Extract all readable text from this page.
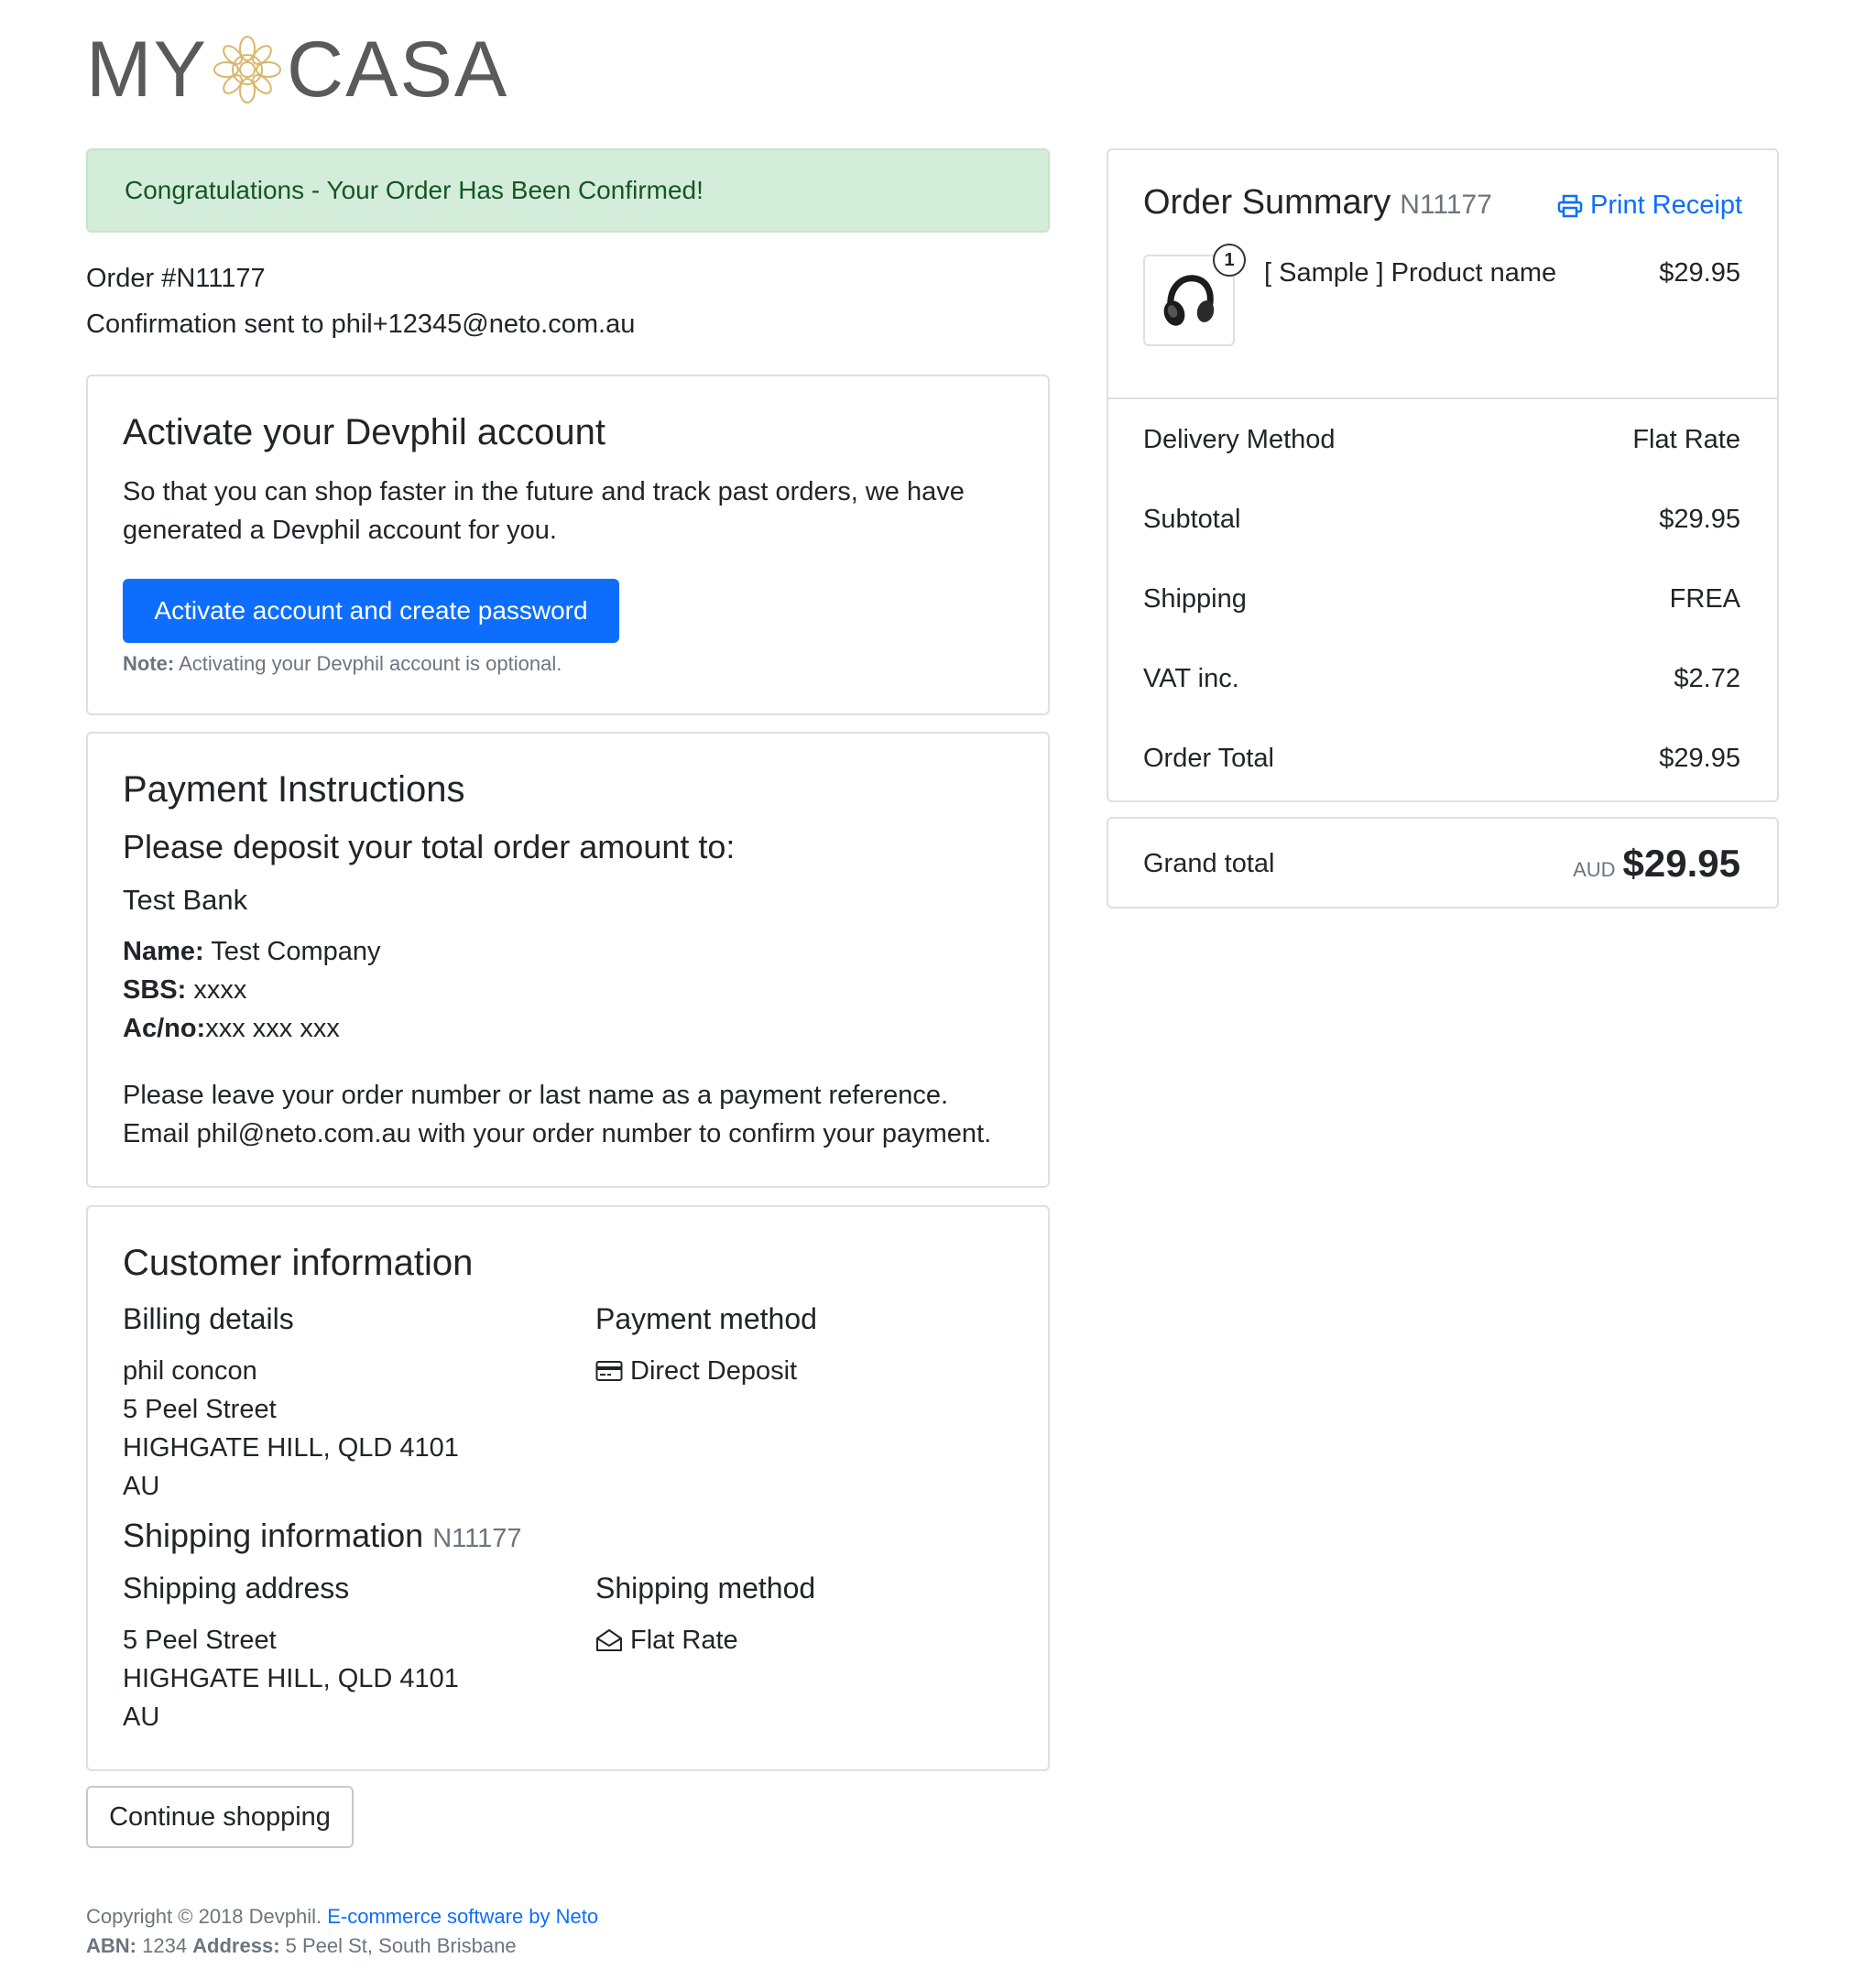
MY CASA
Congratulations - Your Order Has Been Confirmed!
Order #N11177
Confirmation sent to phil+12345@neto.com.au
Activate your Devphil account
So that you can shop faster in the future and track past orders, we have generated a Devphil account for you.
Activate account and create password
Note: Activating your Devphil account is optional.
Payment Instructions
Please deposit your total order amount to:
Test Bank
Name: Test Company
SBS: xxxx
Ac/no:xxx xxx xxx
Please leave your order number or last name as a payment reference.
Email phil@neto.com.au with your order number to confirm your payment.
Customer information
Billing details
phil concon
5 Peel Street
HIGHGATE HILL, QLD 4101
AU
Payment method
Direct Deposit
Shipping information N11177
Shipping address
5 Peel Street
HIGHGATE HILL, QLD 4101
AU
Shipping method
Flat Rate
Continue shopping
Copyright © 2018 Devphil. E-commerce software by Neto
ABN: 1234 Address: 5 Peel St, South Brisbane
Order Summary N11177	Print Receipt
1	[ Sample ] Product name	$29.95
Delivery Method	Flat Rate
Subtotal	$29.95
Shipping	FREA
VAT inc.	$2.72
Order Total	$29.95
Grand total	AUD $29.95
